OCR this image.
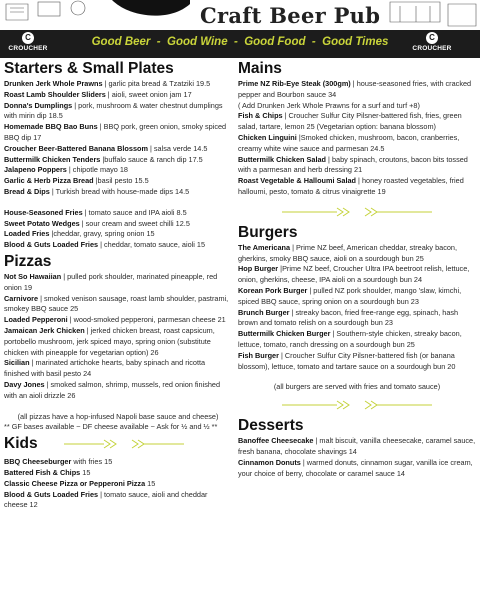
Craft Beer Pub
C
CROUCHER
Good Beer  -  Good Wine  -  Good Food  -  Good Times	C
CROUCHER
Starters & Small Plates
Drunken Jerk Whole Prawns | garlic pita bread & Tzatziki 19.5
Roast Lamb Shoulder Sliders | aioli, sweet onion jam 17
Donna's Dumplings | pork, mushroom & water chestnut dumplings with mirin dip 18.5
Homemade BBQ Bao Buns | BBQ pork, green onion, smoky spiced BBQ dip 17
Croucher Beer-Battered Banana Blossom | salsa verde 14.5
Buttermilk Chicken Tenders |buffalo sauce & ranch dip 17.5
Jalapeno Poppers | chipotle mayo 18
Garlic & Herb Pizza Bread |basil pesto 15.5
Bread & Dips | Turkish bread with house-made dips 14.5
House-Seasoned Fries | tomato sauce and IPA aioli 8.5
Sweet Potato Wedges | sour cream and sweet chilli 12.5
Loaded Fries |cheddar, gravy, spring onion 15
Blood & Guts Loaded Fries | cheddar, tomato sauce, aioli 15
Pizzas
Not So Hawaiian | pulled pork shoulder, marinated pineapple, red onion 19
Carnivore | smoked venison sausage, roast lamb shoulder, pastrami, smokey BBQ sauce 25
Loaded Pepperoni | wood-smoked pepperoni, parmesan cheese 21
Jamaican Jerk Chicken | jerked chicken breast, roast capsicum, portobello mushroom, jerk spiced mayo, spring onion (substitute chicken with pineapple for vegetarian option) 26
Sicilian | marinated artichoke hearts, baby spinach and ricotta finished with basil pesto 24
Davy Jones | smoked salmon, shrimp, mussels, red onion finished with an aioli drizzle 26
(all pizzas have a hop-infused Napoli base sauce and cheese)
** GF bases available ~ DF cheese available ~ Ask for ½ and ½ **
Kids
BBQ Cheeseburger with fries 15
Battered Fish & Chips 15
Classic Cheese Pizza or Pepperoni Pizza 15
Blood & Guts Loaded Fries | tomato sauce, aioli and cheddar cheese 12
Mains
Prime NZ Rib-Eye Steak (300gm) | house-seasoned fries, with cracked pepper and Bourbon sauce 34
( Add Drunken Jerk Whole Prawns for a surf and turf +8)
Fish & Chips | Croucher Sulfur City Pilsner-battered fish, fries, green salad, tartare, lemon 25 (Vegetarian option: banana blossom)
Chicken Linguini |Smoked chicken, mushroom, bacon, cranberries, creamy white wine sauce and parmesan 24.5
Buttermilk Chicken Salad | baby spinach, croutons, bacon bits tossed with a parmesan and herb dressing 21
Roast Vegetable & Halloumi Salad | honey roasted vegetables, fried halloumi, pesto, tomato & citrus vinaigrette 19
Burgers
The Americana | Prime NZ beef, American cheddar, streaky bacon, gherkins, smoky BBQ sauce, aioli on a sourdough bun 25
Hop Burger |Prime NZ beef, Croucher Ultra IPA beetroot relish, lettuce, onion, gherkins, cheese, IPA aioli on a sourdough bun 24
Korean Pork Burger | pulled NZ pork shoulder, mango 'slaw, kimchi, spiced BBQ sauce, spring onion on a sourdough bun 23
Brunch Burger | streaky bacon, fried free-range egg, spinach, hash brown and tomato relish on a sourdough bun 23
Buttermilk Chicken Burger | Southern-style chicken, streaky bacon, lettuce, tomato, ranch dressing on a sourdough bun 25
Fish Burger | Croucher Sulfur City Pilsner-battered fish (or banana blossom), lettuce, tomato and tartare sauce on a sourdough bun 20
(all burgers are served with fries and tomato sauce)
Desserts
Banoffee Cheesecake | malt biscuit, vanilla cheesecake, caramel sauce, fresh banana, chocolate shavings 14
Cinnamon Donuts | warmed donuts, cinnamon sugar, vanilla ice cream, your choice of berry, chocolate or caramel sauce 14
